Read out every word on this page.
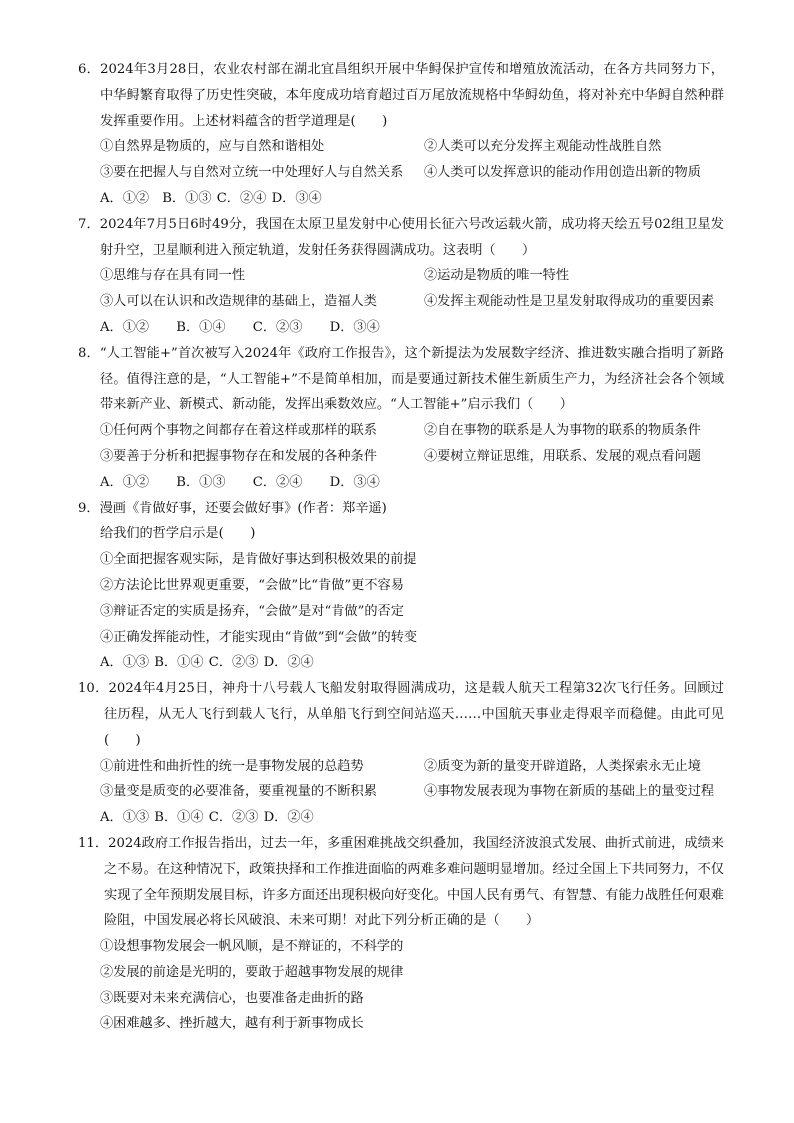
6．2024年3月28日，农业农村部在湖北宜昌组织开展中华鲟保护宣传和增殖放流活动，在各方共同努力下，中华鲟繁育取得了历史性突破，本年度成功培育超过百万尾放流规格中华鲟幼鱼，将对补充中华鲟自然种群发挥重要作用。上述材料蕴含的哲学道理是(　　)
①自然界是物质的，应与自然和谐相处	②人类可以充分发挥主观能动性战胜自然
③要在把握人与自然对立统一中处理好人与自然关系	④人类可以发挥意识的能动作用创造出新的物质
A．①②　B．①③ C．②④ D．③④
7．2024年7月5日6时49分，我国在太原卫星发射中心使用长征六号改运载火箭，成功将天绘五号02组卫星发射升空，卫星顺利进入预定轨道，发射任务获得圆满成功。这表明（　　）
①思维与存在具有同一性	②运动是物质的唯一特性
③人可以在认识和改造规律的基础上，造福人类	④发挥主观能动性是卫星发射取得成功的重要因素
A．①② B．①④ C．②③ D．③④
8．“人工智能+”首次被写入2024年《政府工作报告》，这个新提法为发展数字经济、推进数实融合指明了新路径。值得注意的是，“人工智能+”不是简单相加，而是要通过新技术催生新质生产力，为经济社会各个领域带来新产业、新模式、新动能，发挥出乘数效应。“人工智能+”启示我们（　　）
①任何两个事物之间都存在着这样或那样的联系	②自在事物的联系是人为事物的联系的物质条件
③要善于分析和把握事物存在和发展的各种条件	④要树立辩证思维，用联系、发展的观点看问题
A．①② B．①③ C．②④ D．③④
9．漫画《肯做好事，还要会做好事》(作者：郑辛遥)
给我们的哲学启示是(　　)
①全面把握客观实际，是肯做好事达到积极效果的前提
②方法论比世界观更重要，“会做”比“肯做”更不容易
③辩证否定的实质是扬弃，“会做”是对“肯做”的否定
④正确发挥能动性，才能实现由“肯做”到“会做”的转变
A．①③ B．①④ C．②③ D．②④
10．2024年4月25日，神舟十八号载人飞船发射取得圆满成功，这是载人航天工程第32次飞行任务。回顾过往历程，从无人飞行到载人飞行，从单船飞行到空间站巡天……中国航天事业走得艰辛而稳健。由此可见(　　)
①前进性和曲折性的统一是事物发展的总趋势	②质变为新的量变开辟道路，人类探索永无止境
③量变是质变的必要准备，要重视量的不断积累	④事物发展表现为事物在新质的基础上的量变过程
A．①③ B．①④ C．②③ D．②④
11．2024政府工作报告指出，过去一年，多重困难挑战交织叠加，我国经济波浪式发展、曲折式前进，成绩来之不易。在这种情况下，政策抉择和工作推进面临的两难多难问题明显增加。经过全国上下共同努力，不仅实现了全年预期发展目标，许多方面还出现积极向好变化。中国人民有勇气、有智慧、有能力战胜任何艰难险阻，中国发展必将长风破浪、未来可期！对此下列分析正确的是（　　）
①设想事物发展会一帆风顺，是不辩证的，不科学的
②发展的前途是光明的，要敢于超越事物发展的规律
③既要对未来充满信心，也要准备走曲折的路
④困难越多、挫折越大，越有利于新事物成长
